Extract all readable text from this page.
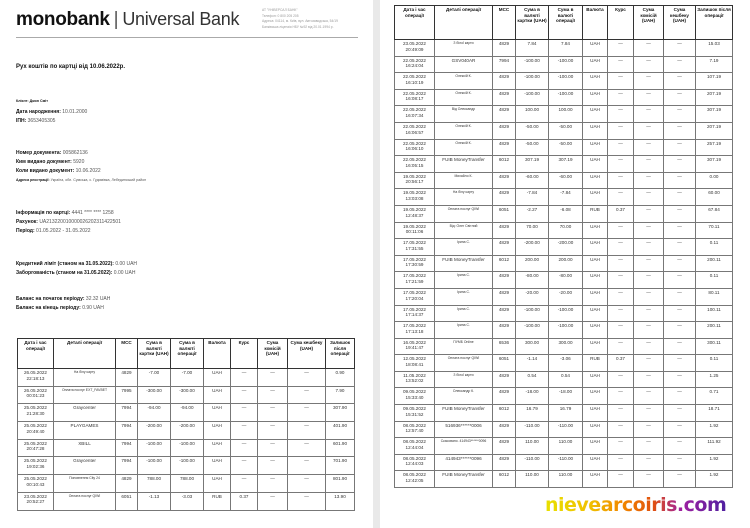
monobank | Universal Bank	АТ "УНІВЕРСАЛ БАНК"
Телефон: 0 800 205 205
Адреса: 04114, м. Київ, вул. Автозаводська, 54/19
Банківська ліцензія НБУ №92 від 20.01.1994 р.
Рух коштів по картці від 10.06.2022р.
Клієнт: Джон Сміт
Дата народження: 10.01.2000
ІПН: 3653405305
Номер документа: 005862136
Ким видано документ: 5920
Коли видано документ: 10.06.2022
Адреса реєстрації: Україна, обл. Сумська, с. Гудимівка, Лебединський район
Інформація по картці: 4441 **** **** 1258
Рахунок: UA213220010000026202311422501
Період: 01.05.2022 - 31.05.2022
Кредитний ліміт (станом на 31.05.2022): 0.00 UAH
Заборгованість (станом на 31.05.2022): 0.00 UAH
Баланс на початок періоду: 32.32 UAH
Баланс на кінець періоду: 0.90 UAH
Дата і час операції	Деталі операції	MCC	Сума в валюті картки (UAH)	Сума в валюті операції	Валюта	Курс	Сума комісій (UAH)	Сума кешбеку (UAH)	Залишок після операції
26.05.2022 22:18:13	На білу карту	4829	-7.00	-7.00	UAH	—	—	—	0.90
26.05.2022 00:01:23	Оплата послуг EXT_FAVBET	7995	-300.00	-300.00	UAH	—	—	—	7.90
25.05.2022 21:28:30	Graycenter	7994	-94.00	-94.00	UAH	—	—	—	307.90
25.05.2022 20:49:40	PLAYGAMES	7994	-200.00	-200.00	UAH	—	—	—	401.90
25.05.2022 20:47:28	XBILL	7994	-100.00	-100.00	UAH	—	—	—	601.90
25.05.2022 19:02:36	Graycenter	7994	-100.00	-100.00	UAH	—	—	—	701.90
25.05.2022 00:10:43	Поповнення City 24	4829	788.00	788.00	UAH	—	—	—	801.90
23.05.2022 20:52:27	Оплата послуг QIWI	6051	-1.13	-3.03	RUB	0.37	—	—	13.90
Дата і час операції	Деталі операції	MCC	Сума в валюті картки (UAH)	Сума в валюті операції	Валюта	Курс	Сума комісій (UAH)	Сума кешбеку (UAH)	Залишок після операції
23.05.2022 20:49:09	З білої карти	4829	7.84	7.84	UAH	—	—	—	15.03
22.05.2022 16:24:04	GSV040AR	7994	-100.00	-100.00	UAH	—	—	—	7.19
22.05.2022 16:10:19	Олексій К.	4829	-100.00	-100.00	UAH	—	—	—	107.19
22.05.2022 16:08:17	Олексій К.	4829	-100.00	-100.00	UAH	—	—	—	207.19
22.05.2022 16:07:34	Від Олександр	4829	100.00	100.00	UAH	—	—	—	307.19
22.05.2022 16:06:57	Олексій К.	4829	-50.00	-50.00	UAH	—	—	—	207.19
22.05.2022 16:06:10	Олексій К.	4829	-50.00	-50.00	UAH	—	—	—	257.19
22.05.2022 16:05:15	FUIB MoneyTransfer	6012	307.19	307.19	UAH	—	—	—	307.19
19.05.2022 20:56:17	Михайло К.	4829	-60.00	-60.00	UAH	—	—	—	0.00
19.05.2022 13:03:08	На білу карту	4829	-7.84	-7.84	UAH	—	—	—	60.00
19.05.2022 12:48:37	Оплата послуг QIWI	6051	-2.27	-6.08	RUB	0.37	—	—	67.84
19.05.2022 00:11:06	Від: Олег Світлий	4829	70.00	70.00	UAH	—	—	—	70.11
17.05.2022 17:31:55	Ірина С.	4829	-200.00	-200.00	UAH	—	—	—	0.11
17.05.2022 17:30:59	FUIB MoneyTransfer	6012	200.00	200.00	UAH	—	—	—	200.11
17.05.2022 17:21:59	Ірина С.	4829	-80.00	-80.00	UAH	—	—	—	0.11
17.05.2022 17:20:04	Ірина С.	4829	-20.00	-20.00	UAH	—	—	—	80.11
17.05.2022 17:14:37	Ірина С.	4829	-100.00	-100.00	UAH	—	—	—	100.11
17.05.2022 17:13:18	Ірина С.	4829	-100.00	-100.00	UAH	—	—	—	200.11
16.05.2022 19:41:47	ПУМБ Online	6536	300.00	300.00	UAH	—	—	—	300.11
12.05.2022 18:08:41	Оплата послуг QIWI	6051	-1.14	-3.06	RUB	0.37	—	—	0.11
11.05.2022 13:52:02	З білої карти	4829	0.54	0.54	UAH	—	—	—	1.25
09.05.2022 15:33:40	Олександр К.	4829	-18.00	-18.00	UAH	—	—	—	0.71
09.05.2022 15:31:52	FUIB MoneyTransfer	6012	16.79	16.79	UAH	—	—	—	18.71
08.05.2022 12:57:40	516936******0006	4829	-110.00	-110.00	UAH	—	—	—	1.92
08.05.2022 12:44:04	Скасовано. 414943******0096	4829	110.00	110.00	UAH	—	—	—	111.92
08.05.2022 12:44:03	414943******0096	4829	-110.00	-110.00	UAH	—	—	—	1.92
08.05.2022 12:42:05	FUIB MoneyTransfer	6012	110.00	110.00	UAH	—	—	—	1.92
nievearcoiris.com
